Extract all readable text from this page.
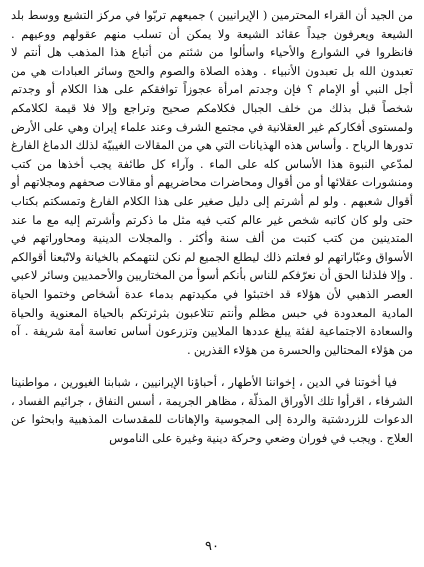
من الجيد أن القراء المحترمين ( الإيرانيين ) جميعهم تربّوا في مركز التشيع ووسط بلد الشيعة ويعرفون جيداً عقائد الشيعة ولا يمكن أن تسلب منهم عقولهم ووعيهم . فانظروا في الشوارع والأحياء واسألوا من شئتم من أتباع هذا المذهب هل أنتم لا تعبدون الله بل تعبدون الأنبياء . وهذه الصلاة والصوم والحج وسائر العبادات هي من أجل النبي أو الإمام ؟ فإن وجدتم امرأة عجوزاً توافقكم على هذا الكلام أو وجدتم شخصاً قبل بذلك من خلف الجبال فكلامكم صحيح وتراجع وإلا فلا قيمة لكلامكم ولمستوى أفكاركم غير العقلانية في مجتمع الشرف وعند علماء إيران وهي على الأرض تدورها الرياح . وأساس هذه الهذيانات التي هي من المقالات الغيبيّة لذلك الدماغ الفارغ لمدّعي النبوة هذا الأساس كله على الماء . وآراء كل طائفة يجب أخذها من كتب ومنشورات عقلائها أو من أقوال ومحاضرات محاضريهم أو مقالات صحفهم ومجلاتهم أو أقوال شعبهم . ولو لم أشرتم إلى دليل صغير على هذا الكلام الفارغ وتمسكتم بكتاب حتى ولو كان كاتبه شخص غير عالم كتب فيه مثل ما ذكرتم وأشرتم إليه مع ما عند المتدينين من كتب كتبت من ألف سنة وأكثر . والمجلات الدينية ومحاوراتهم في الأسواق وعبّاراتهم لو فعلتم ذلك ليطلع الجميع لم نكن لنتهمكم بالخيانة ولاتّبعنا أقوالكم . وإلا فلذلنا الحق أن نعرّفكم للناس بأنكم أسوأ من المختاريين والأحمديين وسائر لاعبي العصر الذهبي لأن هؤلاء قد اختبئوا في مكيدتهم بدماء عدة أشخاص وختموا الحياة المادية المعدودة في حبس مظلم وأنتم تتلاعبون بثرثرتكم بالحياة المعنوية والحياة والسعادة الاجتماعية لفئة يبلغ عددها الملايين وتزرعون أساس تعاسة أمة شريفة . آه من هؤلاء المحتالين والحسرة من هؤلاء القذرين .

فيا أخوتنا في الدين ، إخواننا الأطهار ، أحباؤنا الإيرانيين ، شبابنا الغيورين ، مواطنينا الشرفاء ، اقرأوا تلك الأوراق المذلّة ، مظاهر الجريمة ، أسس النفاق ، جرائيم الفساد ، الدعوات للزردشتية والردة إلى المجوسية والإهانات للمقدسات المذهبية وابحثوا عن العلاج . ويجب في فوران وضعي وحركة دينية وغيرة على الناموس

٩٠
